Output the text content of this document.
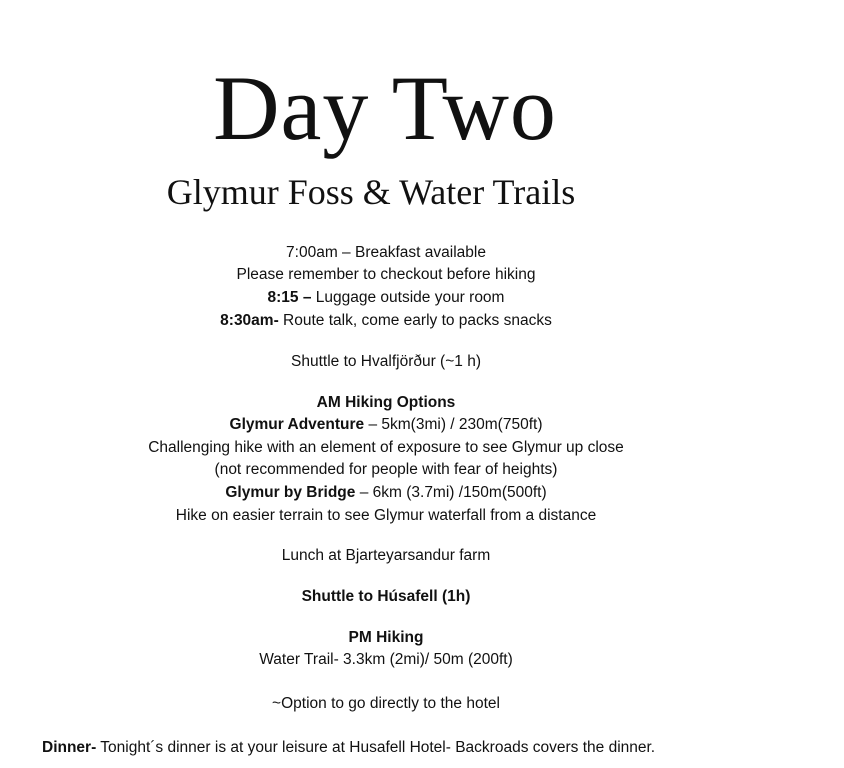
Day Two
Glymur Foss & Water Trails
7:00am – Breakfast available
Please remember to checkout before hiking
8:15 – Luggage outside your room
8:30am- Route talk, come early to packs snacks
Shuttle to Hvalfjörður (~1 h)
AM Hiking Options
Glymur Adventure – 5km(3mi) / 230m(750ft)
Challenging hike with an element of exposure to see Glymur up close
(not recommended for people with fear of heights)
Glymur by Bridge – 6km (3.7mi) /150m(500ft)
Hike on easier terrain to see Glymur waterfall from a distance
Lunch at Bjarteyarsandur farm
Shuttle to Húsafell (1h)
PM Hiking
Water Trail- 3.3km (2mi)/ 50m (200ft)
~Option to go directly to the hotel
Dinner- Tonight´s dinner is at your leisure at Husafell Hotel- Backroads covers the dinner.
